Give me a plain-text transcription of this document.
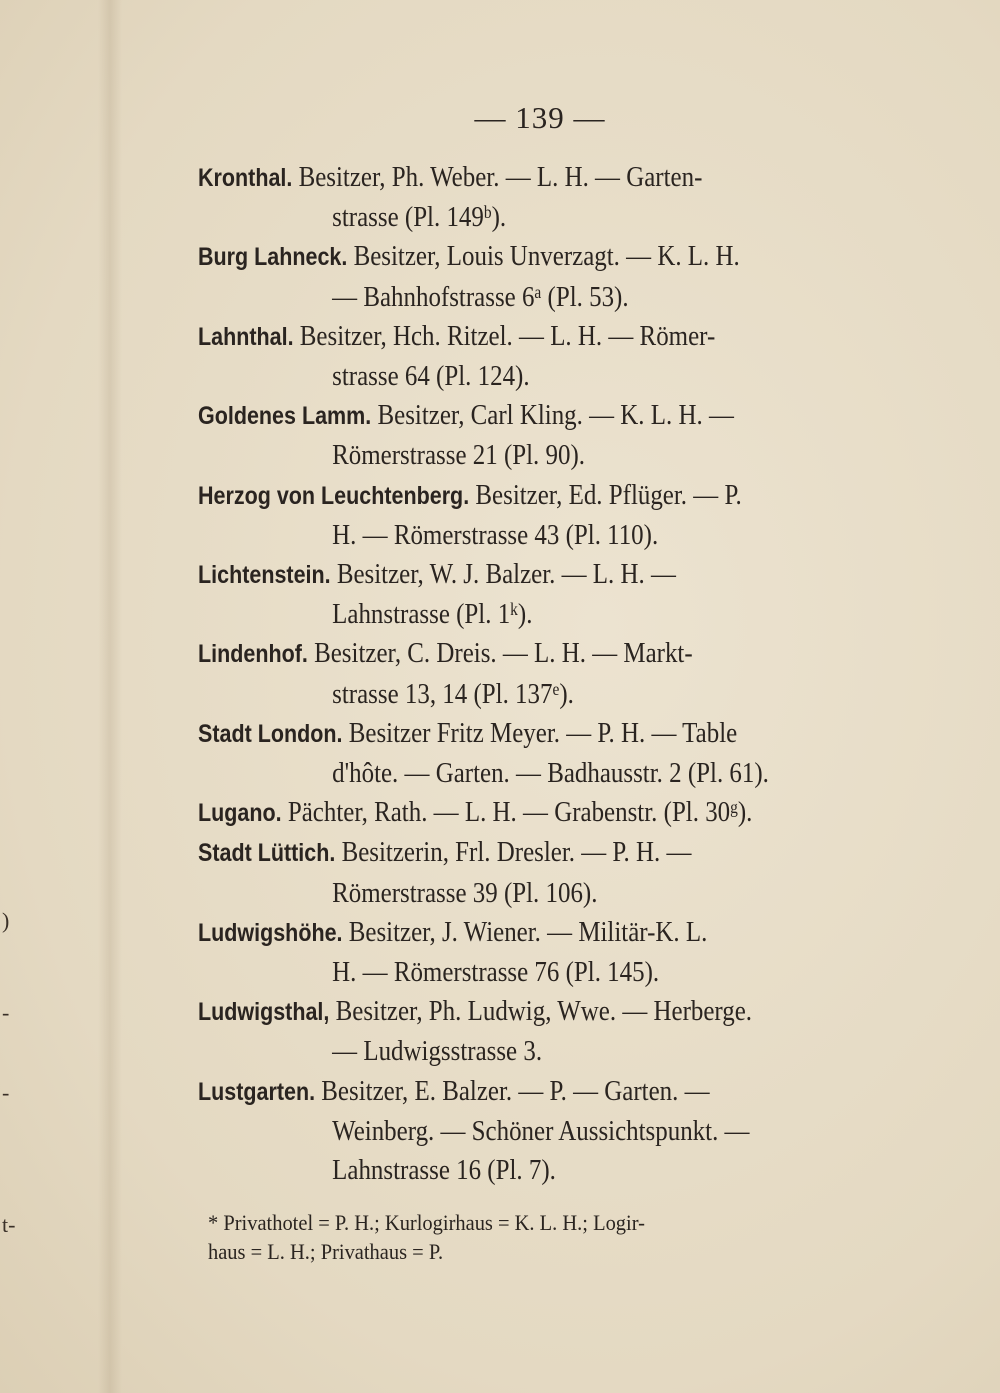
— 139 —
Kronthal. Besitzer, Ph. Weber. — L. H. — Garten-
strasse (Pl. 149$^b$).
Burg Lahneck. Besitzer, Louis Unverzagt. — K. L. H.
— Bahnhofstrasse 6$^a$ (Pl. 53).
Lahnthal. Besitzer, Hch. Ritzel. — L. H. — Römer-
strasse 64 (Pl. 124).
Goldenes Lamm. Besitzer, Carl Kling. — K. L. H. —
Römerstrasse 21 (Pl. 90).
Herzog von Leuchtenberg. Besitzer, Ed. Pflüger. — P.
H. — Römerstrasse 43 (Pl. 110).
Lichtenstein. Besitzer, W. J. Balzer. — L. H. —
Lahnstrasse (Pl. 1$^k$).
Lindenhof. Besitzer, C. Dreis. — L. H. — Markt-
strasse 13, 14 (Pl. 137e).
Stadt London. Besitzer Fritz Meyer. — P. H. — Table
d'hôte. — Garten. — Badhausstr. 2 (Pl. 61).
Lugano. Pächter, Rath. — L. H. — Grabenstr. (Pl. 30$^g$).
Stadt Lüttich. Besitzerin, Frl. Dresler. — P. H. —
Römerstrasse 39 (Pl. 106).
Ludwigshöhe. Besitzer, J. Wiener. — Militär-K. L.
H. — Römerstrasse 76 (Pl. 145).
Ludwigsthal, Besitzer, Ph. Ludwig, Wwe. — Herberge.
— Ludwigsstrasse 3.
Lustgarten. Besitzer, E. Balzer. — P. — Garten. —
Weinberg. — Schöner Aussichtspunkt. —
Lahnstrasse 16 (Pl. 7).
* Privathotel = P. H.; Kurlogirhaus = K. L. H.; Logir-
haus = L. H.; Privathaus = P.
)
-
-
t-
